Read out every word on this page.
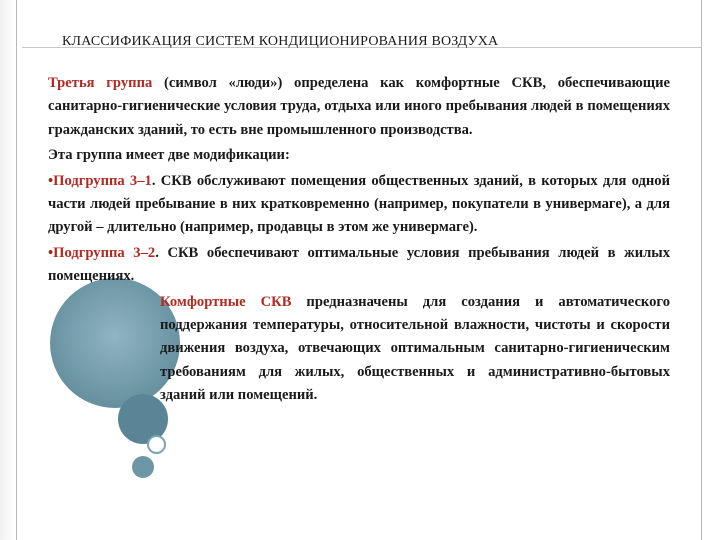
КЛАССИФИКАЦИЯ СИСТЕМ КОНДИЦИОНИРОВАНИЯ ВОЗДУХА

Третья группа (символ «люди») определена как комфортные СКВ, обеспечивающие санитарно-гигиенические условия труда, отдыха или иного пребывания людей в помещениях гражданских зданий, то есть вне промышленного производства.

Эта группа имеет две модификации:

•Подгруппа 3–1. СКВ обслуживают помещения общественных зданий, в которых для одной части людей пребывание в них кратковременно (например, покупатели в универмаге), а для другой – длительно (например, продавцы в этом же универмаге).

•Подгруппа 3–2. СКВ обеспечивают оптимальные условия пребывания людей в жилых помещениях.

Комфортные СКВ предназначены для создания и автоматического поддержания температуры, относительной влажности, чистоты и скорости движения воздуха, отвечающих оптимальным санитарно-гигиеническим требованиям для жилых, общественных и административно-бытовых зданий или помещений.
